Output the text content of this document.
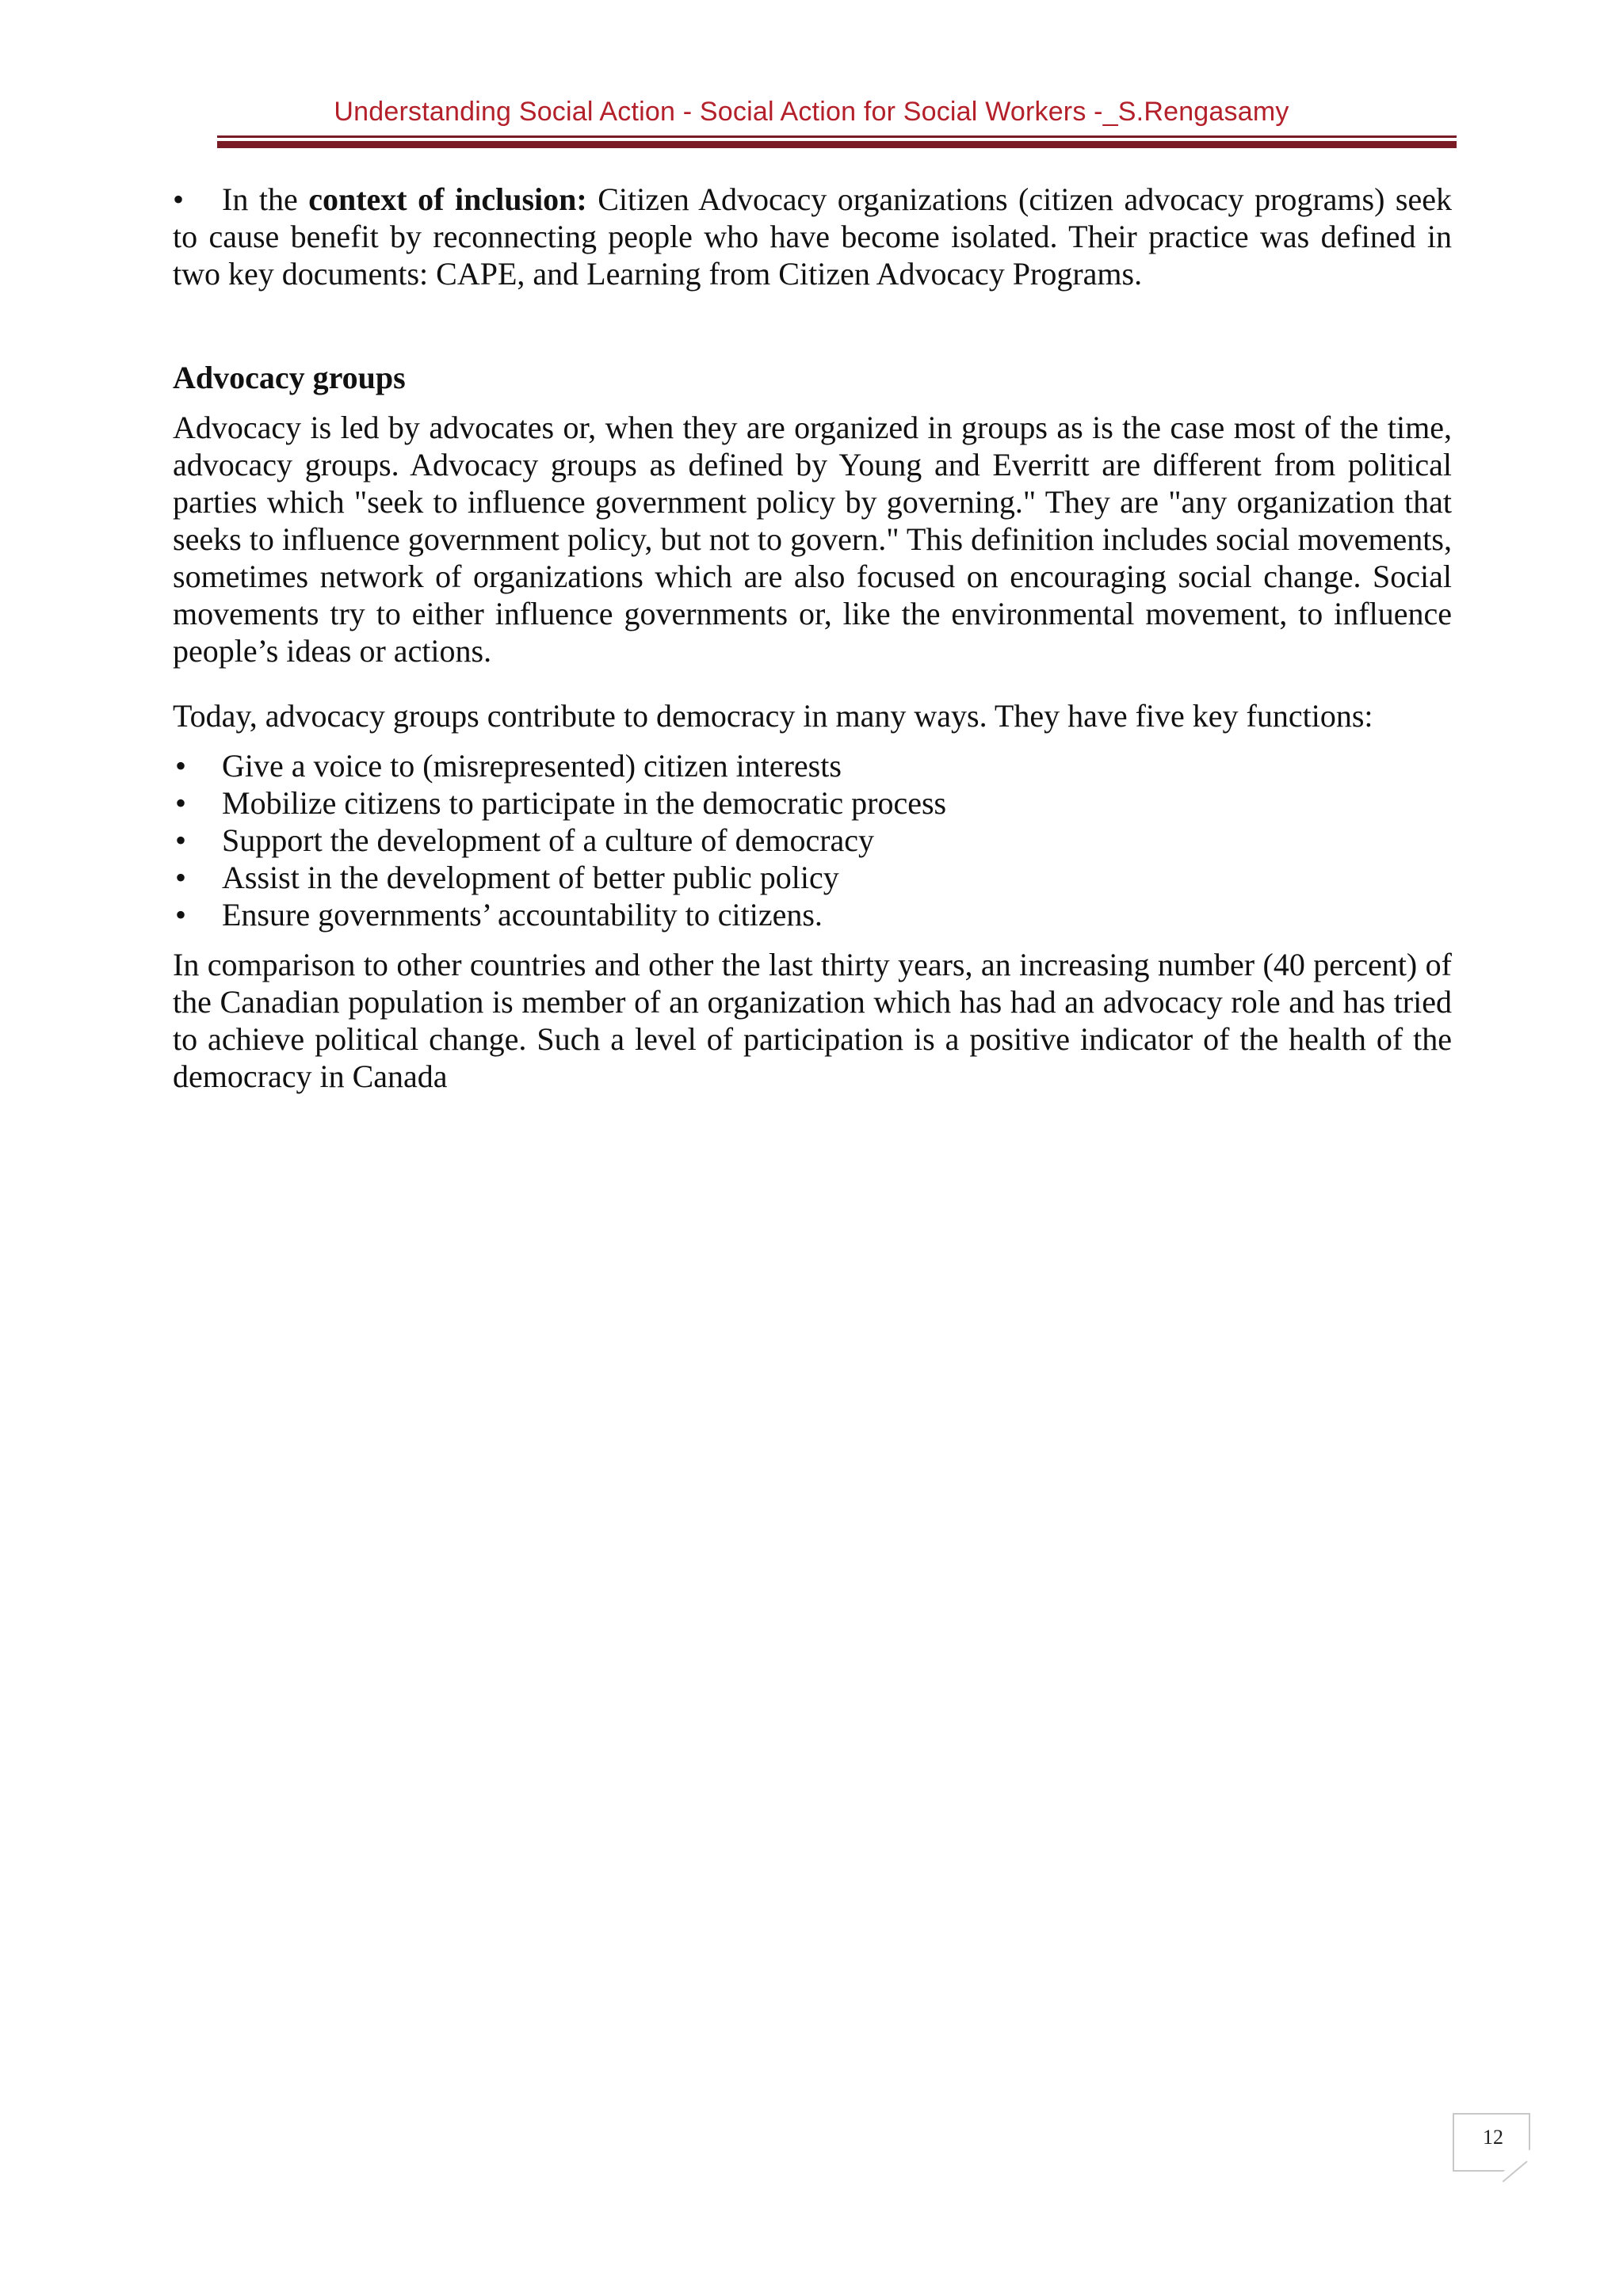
Understanding Social Action - Social Action for Social Workers -_S.Rengasamy

• In the context of inclusion: Citizen Advocacy organizations (citizen advocacy programs) seek to cause benefit by reconnecting people who have become isolated. Their practice was defined in two key documents: CAPE, and Learning from Citizen Advocacy Programs.

Advocacy groups

Advocacy is led by advocates or, when they are organized in groups as is the case most of the time, advocacy groups. Advocacy groups as defined by Young and Everritt are different from political parties which "seek to influence government policy by governing." They are "any organization that seeks to influence government policy, but not to govern." This definition includes social movements, sometimes network of organizations which are also focused on encouraging social change. Social movements try to either influence governments or, like the environmental movement, to influence people’s ideas or actions.

Today, advocacy groups contribute to democracy in many ways. They have five key functions:

• Give a voice to (misrepresented) citizen interests
• Mobilize citizens to participate in the democratic process
• Support the development of a culture of democracy
• Assist in the development of better public policy
• Ensure governments’ accountability to citizens.

In comparison to other countries and other the last thirty years, an increasing number (40 percent) of the Canadian population is member of an organization which has had an advocacy role and has tried to achieve political change. Such a level of participation is a positive indicator of the health of the democracy in Canada

12
